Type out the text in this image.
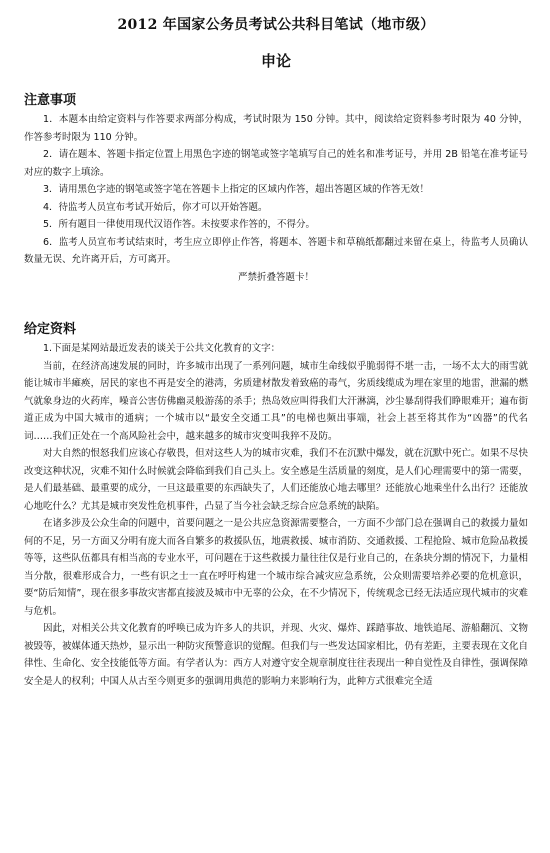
2012 年国家公务员考试公共科目笔试（地市级）
申论
注意事项

1．本题本由给定资料与作答要求两部分构成，考试时限为 150 分钟。其中，阅读给定资料参考时限为 40 分钟，作答参考时限为 110 分钟。

2．请在题本、答题卡指定位置上用黑色字迹的钢笔或签字笔填写自己的姓名和准考证号，并用 2B 铅笔在准考证号对应的数字上填涂。

3．请用黑色字迹的钢笔或签字笔在答题卡上指定的区域内作答，超出答题区域的作答无效！

4．待监考人员宣布考试开始后，你才可以开始答题。

5．所有题目一律使用现代汉语作答。未按要求作答的，不得分。

6．监考人员宣布考试结束时，考生应立即停止作答，将题本、答题卡和草稿纸都翻过来留在桌上，待监考人员确认数量无误、允许离开后，方可离开。

严禁折叠答题卡！

给定资料

1.下面是某网站最近发表的谈关于公共文化教育的文字：

当前，在经济高速发展的同时，许多城市出现了一系列问题，城市生命线似乎脆弱得不堪一击，一场不太大的雨雪就能让城市半瘫痪，居民的家也不再是安全的港湾，劣质建材散发着致癌的毒气，劣质线缆成为埋在家里的地雷，泄漏的燃气就象身边的火药库，噪音公害仿佛幽灵般游荡的杀手；热岛效应叫得我们大汗淋漓，沙尘暴刮得我们睁眼难开；遍布街道正成为中国大城市的通病；一个城市以“最安全交通工具”的电梯也频出事端，社会上甚至将其作为“凶器”的代名词……我们正处在一个高风险社会中，越来越多的城市灾变叫我猝不及防。

对大自然的恨怒我们应该心存敬畏，但对这些人为的城市灾难，我们不在沉默中爆发，就在沉默中死亡。如果不尽快改变这种状况，灾难不知什么时候就会降临到我们自己头上。安全感是生活质量的刻度，是人们心理需要中的第一需要，是人们最基础、最重要的成分，一旦这最重要的东西缺失了，人们还能放心地去哪里？还能放心地乘坐什么出行？还能放心地吃什么？尤其是城市突发性危机事件，凸显了当今社会缺乏综合应急系统的缺陷。

在诸多涉及公众生命的问题中，首要问题之一是公共应急资源需要整合，一方面不少部门总在强调自己的救援力量如何的不足，另一方面又分明有庞大而各自繁多的救援队伍，地震救援、城市消防、交通救援、工程抢险、城市危险品救援等等，这些队伍都具有相当高的专业水平，可问题在于这些救援力量往往仅是行业自己的，在条块分割的情况下，力量相当分散，很难形成合力，一些有识之士一直在呼吁构建一个城市综合减灾应急系统，公众则需要培养必要的危机意识，要“防后知情”，现在很多事故灾害都直接波及城市中无辜的公众，在不少情况下，传统观念已经无法适应现代城市的灾难与危机。

因此，对相关公共文化教育的呼唤已成为许多人的共识，并现、火灾、爆炸、踩踏事故、地铁追尾、游船翻沉、文物被毁等，被媒体通天热炒，显示出一种防灾预警意识的觉醒。但我们与一些发达国家相比，仍有差距，主要表现在文化自律性、生命化、安全技能低等方面。有学者认为：西方人对遵守安全规章制度往往表现出一种自觉性及自律性，强调保障安全是人的权利；中国人从古至今则更多的强调用典范的影响力来影响行为，此种方式很难完全适
